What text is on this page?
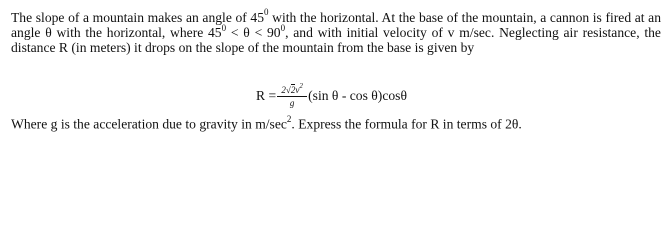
The slope of a mountain makes an angle of $45^0$ with the horizontal. At the base of the mountain, a cannon is fired at an angle θ with the horizontal, where $45^0 < \theta < 90^0$, and with initial velocity of v m/sec. Neglecting air resistance, the distance R (in meters) it drops on the slope of the mountain from the base is given by

$R = \frac{2√2v^2}{g} (\sin$ θ - cos θ)cosθ
Where g is the acceleration due to gravity in $m/\sec^2$. Express the formula for R in terms of 2θ.
